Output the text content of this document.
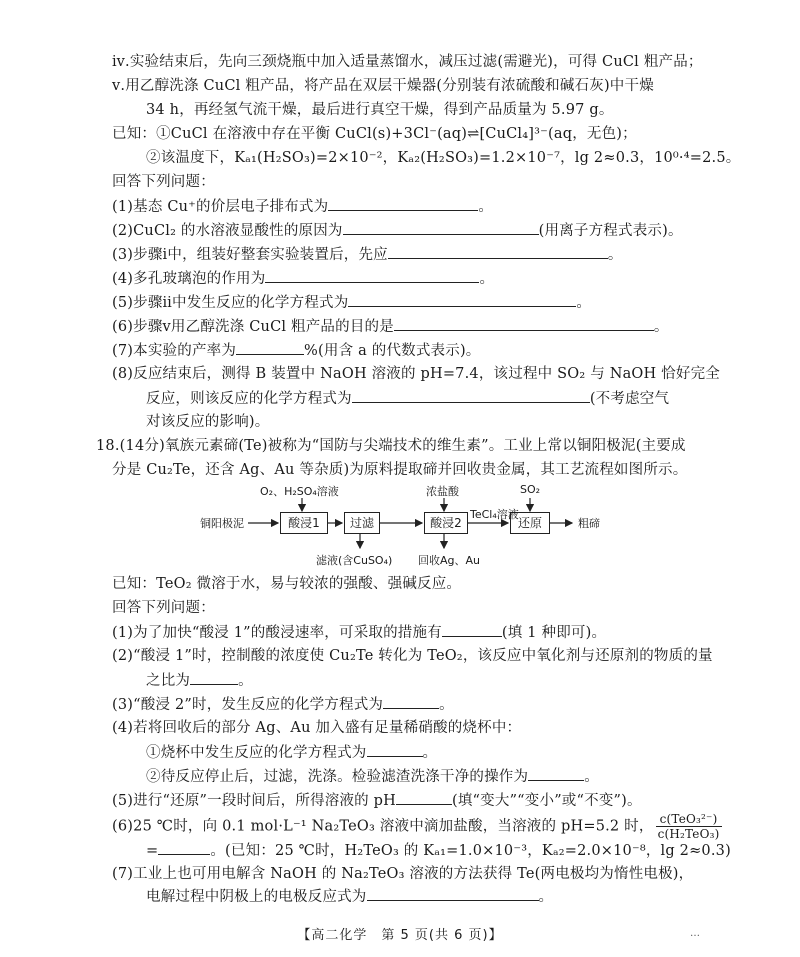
ⅳ.实验结束后，先向三颈烧瓶中加入适量蒸馏水，减压过滤(需避光)，可得 CuCl 粗产品；
ⅴ.用乙醇洗涤 CuCl 粗产品，将产品在双层干燥器(分别装有浓硫酸和碱石灰)中干燥
34 h，再经氢气流干燥，最后进行真空干燥，得到产品质量为 5.97 g。
已知：①CuCl 在溶液中存在平衡 CuCl(s)+3Cl⁻(aq)⇌[CuCl₄]³⁻(aq，无色)；
②该温度下，Kₐ₁(H₂SO₃)=2×10⁻²，Kₐ₂(H₂SO₃)=1.2×10⁻⁷，lg 2≈0.3，10⁰·⁴=2.5。
回答下列问题：
(1)基态 Cu⁺的价层电子排布式为	。
(2)CuCl₂ 的水溶液显酸性的原因为	(用离子方程式表示)。
(3)步骤ⅰ中，组装好整套实验装置后，先应	。
(4)多孔玻璃泡的作用为	。
(5)步骤ⅱ中发生反应的化学方程式为	。
(6)步骤ⅴ用乙醇洗涤 CuCl 粗产品的目的是	。
(7)本实验的产率为	%(用含 a 的代数式表示)。
(8)反应结束后，测得 B 装置中 NaOH 溶液的 pH=7.4，该过程中 SO₂ 与 NaOH 恰好完全
反应，则该反应的化学方程式为	(不考虑空气
对该反应的影响)。
18.(14分)氧族元素碲(Te)被称为“国防与尖端技术的维生素”。工业上常以铜阳极泥(主要成
分是 Cu₂Te，还含 Ag、Au 等杂质)为原料提取碲并回收贵金属，其工艺流程如图所示。
铜阳极泥	酸浸1	过滤	酸浸2	还原	粗碲
O₂、H₂SO₄溶液	浓盐酸	SO₂
TeCl₄溶液
滤液(含CuSO₄) 回收Ag、Au
已知：TeO₂ 微溶于水，易与较浓的强酸、强碱反应。
回答下列问题：
(1)为了加快“酸浸 1”的酸浸速率，可采取的措施有	(填 1 种即可)。
(2)“酸浸 1”时，控制酸的浓度使 Cu₂Te 转化为 TeO₂，该反应中氧化剂与还原剂的物质的量
之比为	。
(3)“酸浸 2”时，发生反应的化学方程式为	。
(4)若将回收后的部分 Ag、Au 加入盛有足量稀硝酸的烧杯中：
①烧杯中发生反应的化学方程式为	。
②待反应停止后，过滤，洗涤。检验滤渣洗涤干净的操作为	。
(5)进行“还原”一段时间后，所得溶液的 pH	(填“变大”“变小”或“不变”)。
(6)25 ℃时，向 0.1 mol·L⁻¹ Na₂TeO₃ 溶液中滴加盐酸，当溶液的 pH=5.2 时， $\frac{\text{c(TeO₃²⁻)}}{\text{c(H₂TeO₃)}}$
=	。(已知：25 ℃时，H₂TeO₃ 的 Kₐ₁=1.0×10⁻³，Kₐ₂=2.0×10⁻⁸，lg 2≈0.3)
(7)工业上也可用电解含 NaOH 的 Na₂TeO₃ 溶液的方法获得 Te(两电极均为惰性电极)，
电解过程中阴极上的电极反应式为	。
【高二化学　第 5 页(共 6 页)】	…
